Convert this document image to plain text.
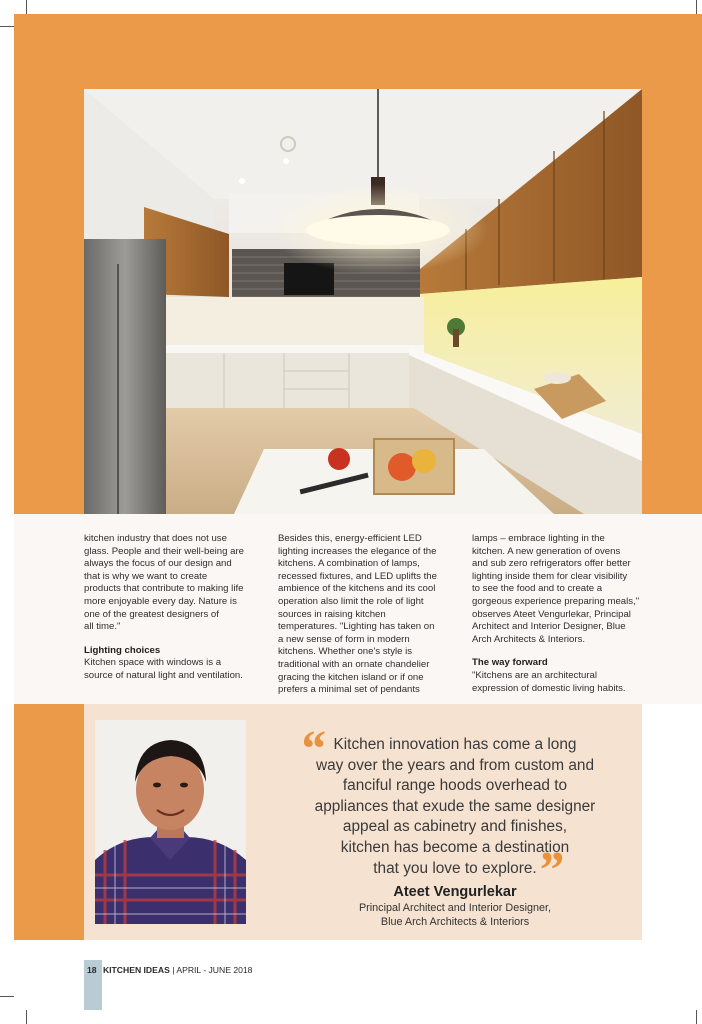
kitchen industry that does not use
glass. People and their well-being are
always the focus of our design and
that is why we want to create
products that contribute to making life
more enjoyable every day. Nature is
one of the greatest designers of
all time."

Lighting choices

Kitchen space with windows is a
source of natural light and ventilation.

Besides this, energy-efficient LED
lighting increases the elegance of the
kitchens. A combination of lamps,
recessed fixtures, and LED uplifts the
ambience of the kitchens and its cool
operation also limit the role of light
sources in raising kitchen
temperatures. "Lighting has taken on
a new sense of form in modern
kitchens. Whether one's style is
traditional with an ornate chandelier
gracing the kitchen island or if one
prefers a minimal set of pendants

lamps – embrace lighting in the
kitchen. A new generation of ovens
and sub zero refrigerators offer better
lighting inside them for clear visibility
to see the food and to create a
gorgeous experience preparing meals,"
observes Ateet Vengurlekar, Principal
Architect and Interior Designer, Blue
Arch Architects & Interiors.

The way forward

"Kitchens are an architectural
expression of domestic living habits.

“ Kitchen innovation has come a long
way over the years and from custom and
fanciful range hoods overhead to
appliances that exude the same designer
appeal as cabinetry and finishes,
kitchen has become a destination
that you love to explore. ”
Ateet Vengurlekar
Principal Architect and Interior Designer,
Blue Arch Architects & Interiors
18 KITCHEN IDEAS | APRIL - JUNE 2018
